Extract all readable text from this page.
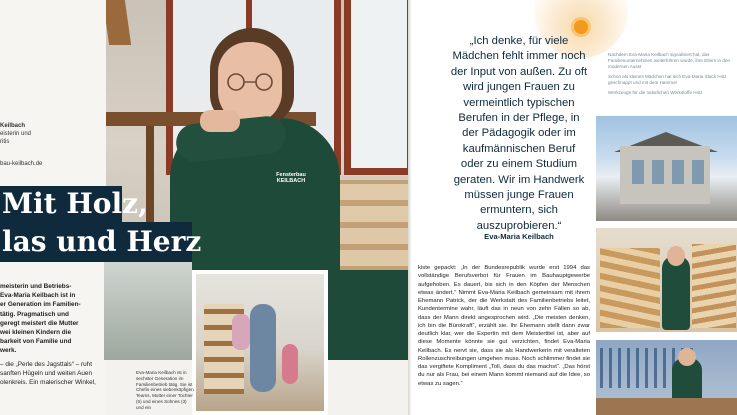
Keilbach
eisterin und
ritis
bau-keilbach.de
Fensterbau KEILBACH
Mit Holz,
las und Herz

meisterin und Betriebs-
Eva-Maria Keilbach ist in
er Generation im Familien-
tätig. Pragmatisch und
geregt meistert die Mutter
wei kleinen Kindern die
barkeit von Familie und
werk.

– die „Perle des Jagsttals“ – ruht
sanften Hügeln und weiten Auen
olenkreis. Ein malerischer Winkel,

Eva-Maria Keilbach ist in sechster Generation im Familienbetrieb tätig. Sie ist Chefin eines siebenköpfigen Teams, Mutter einer Tochter (5) und eines Sohnes (3) und ein
„Ich denke, für viele Mädchen fehlt immer noch der Input von außen. Zu oft wird jungen Frauen zu vermeintlich typischen Berufen in der Pflege, in der Pädagogik oder im kaufmännischen Beruf oder zu einem Studium geraten. Wir im Handwerk müssen junge Frauen ermuntern, sich auszuprobieren.“
Eva-Maria Keilbach
kiste gepackt: „In der Bundesrepublik wurde erst 1994 das vollständige Berufsverbot für Frauen im Bauhauptgewerbe aufgehoben. Es dauert, bis sich in den Köpfen der Menschen etwas ändert.“ Nimmt Eva-Maria Keilbach gemeinsam mit ihrem Ehemann Patrick, der die Werkstatt des Familienbetriebs leitet, Kundentermine wahr, läuft das in neun von zehn Fällen so ab, dass der Mann direkt angesprochen wird. „Die meisten denken, ich bin die Bürokraft“, erzählt sie. Ihr Ehemann stellt dann zwar deutlich klar, wer die Expertin mit dem Meistertitel ist, aber auf diese Momente könnte sie gut verzichten, findet Eva-Maria Keilbach. Es nervt sie, dass sie als Handwerkerin mit veralteten Rollenzuschreibungen umgehen muss. Noch schlimmer findet sie das vergiftete Kompliment „Toll, dass du das machst“. „Das hörst du nur als Frau, bei einem Mann kommt niemand auf die Idee, so etwas zu sagen.“

Nachdem Eva-Maria Keilbach signalisiert hat, das Familienunternehmen weiterführen wurde, ihre Eltern in den modernen Ausst

Schon als kleines Mädchen hat sich Eva-Maria Stück Holz geschnappt und mit dem Hammer

Werkzeuge für die natürlichen Werkstoffe Holz
